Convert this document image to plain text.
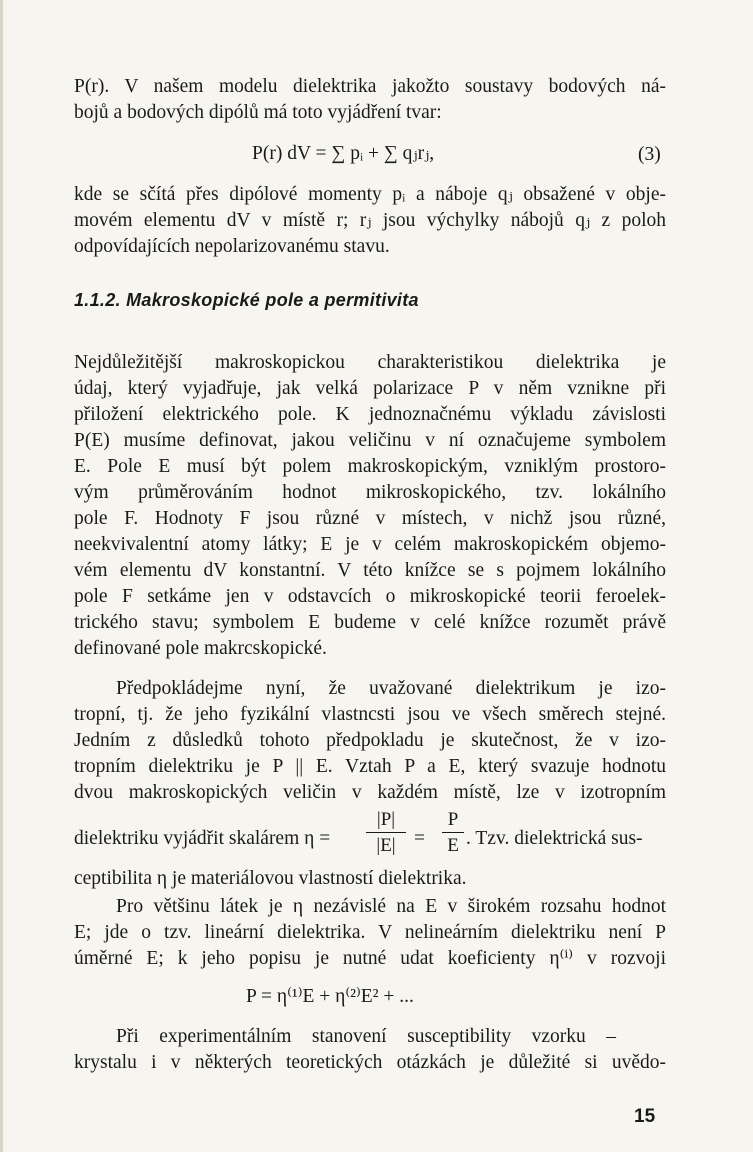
P(r). V našem modelu dielektrika jakožto soustavy bodových ná-
bojů a bodových dipólů má toto vyjádření tvar:
P(r) dV = ∑ pᵢ + ∑ qⱼrⱼ,	(3)
kde se sčítá přes dipólové momenty pᵢ a náboje qⱼ obsažené v obje-
movém elementu dV v místě r; rⱼ jsou výchylky nábojů qⱼ z poloh
odpovídajících nepolarizovanému stavu.
1.1.2. Makroskopické pole a permitivita
Nejdůležitější makroskopickou charakteristikou dielektrika je
údaj, který vyjadřuje, jak velká polarizace P v něm vznikne při
přiložení elektrického pole. K jednoznačnému výkladu závislosti
P(E) musíme definovat, jakou veličinu v ní označujeme symbolem
E. Pole E musí být polem makroskopickým, vzniklým prostoro-
vým průměrováním hodnot mikroskopického, tzv. lokálního
pole F. Hodnoty F jsou různé v místech, v nichž jsou různé,
neekvivalentní atomy látky; E je v celém makroskopickém objemo-
vém elementu dV konstantní. V této knížce se s pojmem lokálního
pole F setkáme jen v odstavcích o mikroskopické teorii feroelek-
trického stavu; symbolem E budeme v celé knížce rozumět právě
definované pole makrcskopické.
Předpokládejme nyní, že uvažované dielektrikum je izo-
tropní, tj. že jeho fyzikální vlastncsti jsou ve všech směrech stejné.
Jedním z důsledků tohoto předpokladu je skutečnost, že v izo-
tropním dielektriku je P || E. Vztah P a E, který svazuje hodnotu
dvou makroskopických veličin v každém místě, lze v izotropním
dielektriku vyjádřit skalárem η =
|P|
|E| =
P
E . Tzv. dielektrická sus-
ceptibilita η je materiálovou vlastností dielektrika.
Pro většinu látek je η nezávislé na E v širokém rozsahu hodnot
E; jde o tzv. lineární dielektrika. V nelineárním dielektriku není P
úměrné E; k jeho popisu je nutné udat koeficienty η⁽ⁱ⁾ v rozvoji
P = η⁽¹⁾E + η⁽²⁾E² + ...
Při experimentálním stanovení susceptibility vzorku –
krystalu i v některých teoretických otázkách je důležité si uvědo-
15
